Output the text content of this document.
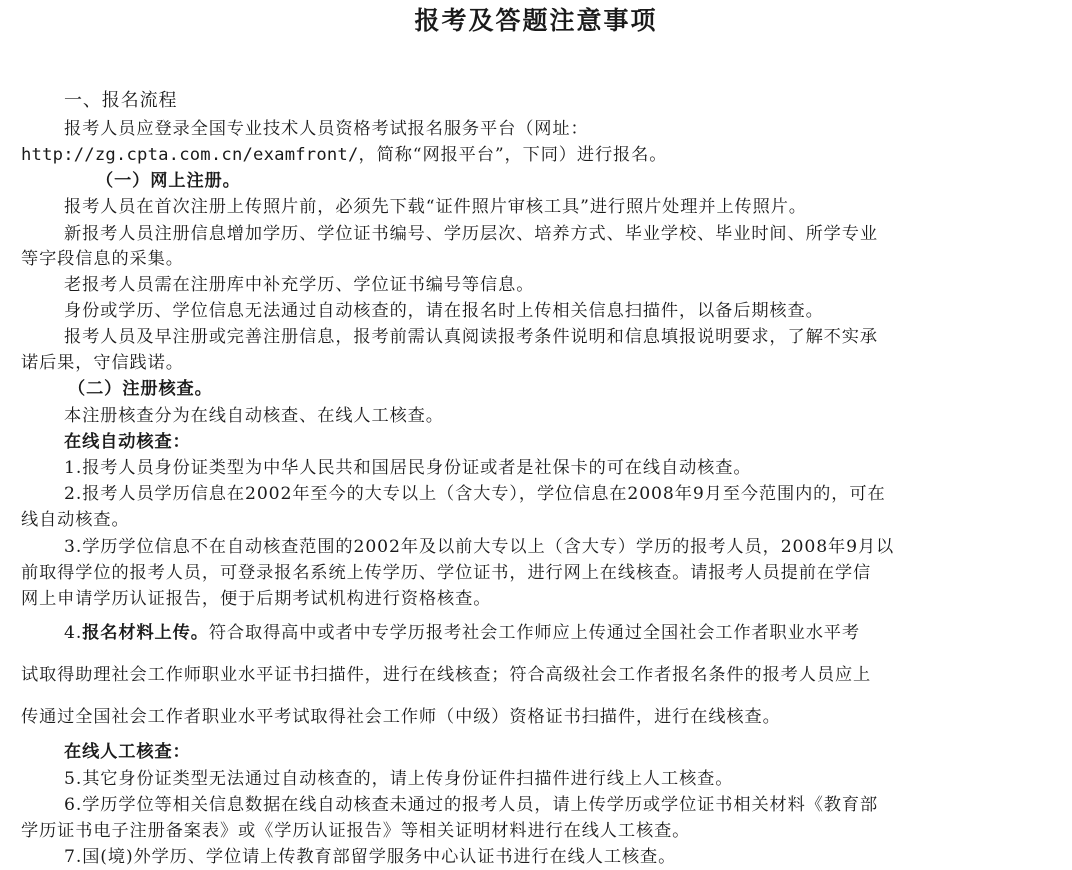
报考及答题注意事项
一、报名流程
报考人员应登录全国专业技术人员资格考试报名服务平台（网址：
http://zg.cpta.com.cn/examfront/，简称“网报平台”，下同）进行报名。
（一）网上注册。
报考人员在首次注册上传照片前，必须先下载“证件照片审核工具”进行照片处理并上传照片。
新报考人员注册信息增加学历、学位证书编号、学历层次、培养方式、毕业学校、毕业时间、所学专业
等字段信息的采集。
老报考人员需在注册库中补充学历、学位证书编号等信息。
身份或学历、学位信息无法通过自动核查的，请在报名时上传相关信息扫描件，以备后期核查。
报考人员及早注册或完善注册信息，报考前需认真阅读报考条件说明和信息填报说明要求，了解不实承
诺后果，守信践诺。
（二）注册核查。
本注册核查分为在线自动核查、在线人工核查。
在线自动核查：
1.报考人员身份证类型为中华人民共和国居民身份证或者是社保卡的可在线自动核查。
2.报考人员学历信息在2002年至今的大专以上（含大专），学位信息在2008年9月至今范围内的，可在
线自动核查。
3.学历学位信息不在自动核查范围的2002年及以前大专以上（含大专）学历的报考人员，2008年9月以
前取得学位的报考人员，可登录报名系统上传学历、学位证书，进行网上在线核查。请报考人员提前在学信
网上申请学历认证报告，便于后期考试机构进行资格核查。
4.报名材料上传。符合取得高中或者中专学历报考社会工作师应上传通过全国社会工作者职业水平考
试取得助理社会工作师职业水平证书扫描件，进行在线核查；符合高级社会工作者报名条件的报考人员应上
传通过全国社会工作者职业水平考试取得社会工作师（中级）资格证书扫描件，进行在线核查。
在线人工核查：
5.其它身份证类型无法通过自动核查的，请上传身份证件扫描件进行线上人工核查。
6.学历学位等相关信息数据在线自动核查未通过的报考人员，请上传学历或学位证书相关材料《教育部
学历证书电子注册备案表》或《学历认证报告》等相关证明材料进行在线人工核查。
7.国(境)外学历、学位请上传教育部留学服务中心认证书进行在线人工核查。
